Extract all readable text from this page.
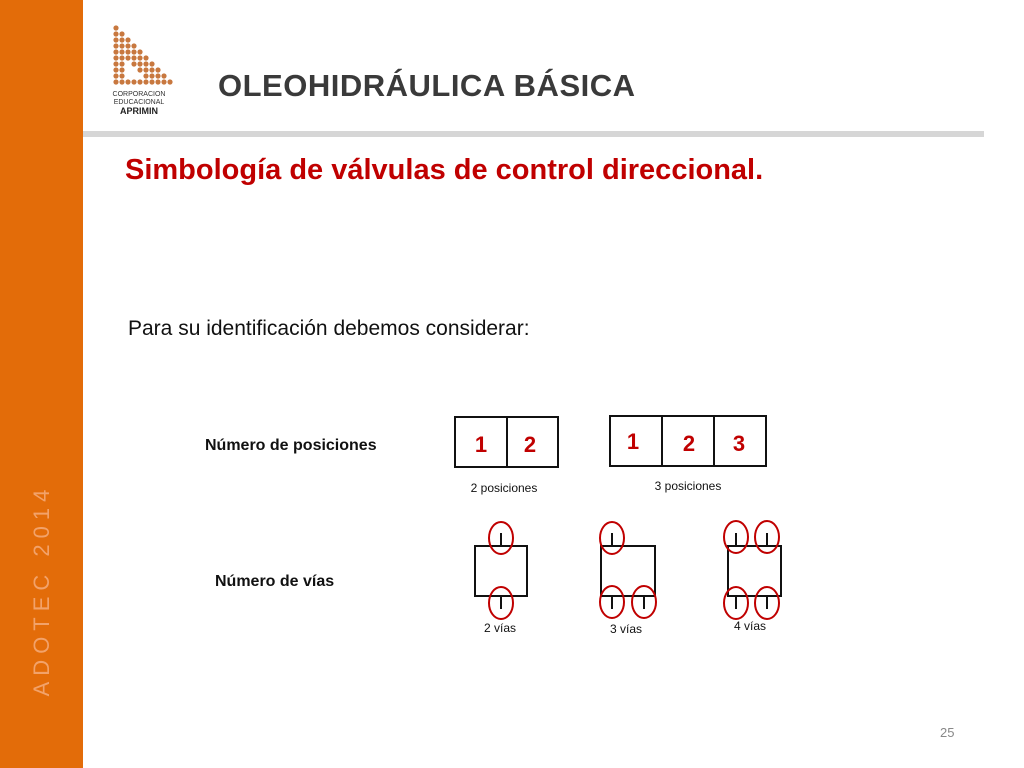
ADOTEC 2014
CORPORACION
EDUCACIONAL
APRIMIN
OLEOHIDRÁULICA BÁSICA
Simbología de válvulas de control direccional.
Para su identificación debemos considerar:
Número de posiciones
Número de vías
1 2
2 posiciones
1 2 3
3 posiciones
2 vías	3 vías	4 vías
25
